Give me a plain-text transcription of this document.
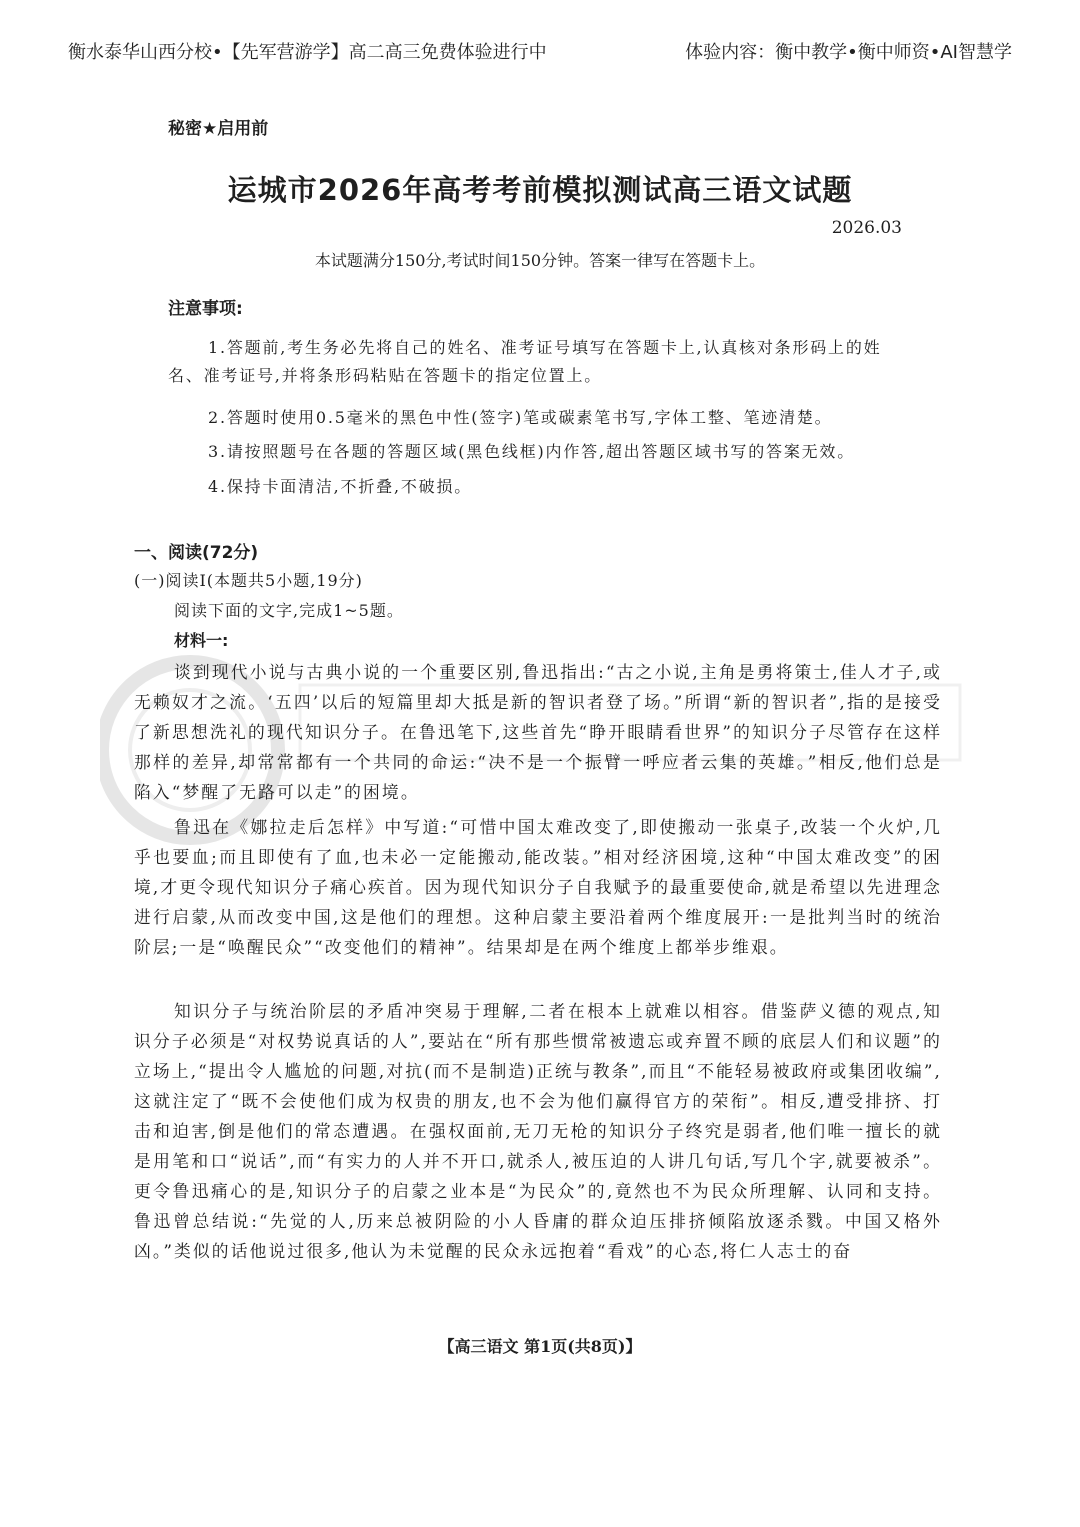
衡水泰华山西分校•【先军营游学】高二高三免费体验进行中	体验内容：衡中教学•衡中师资•AI智慧学
秘密★启用前
运城市2026年高考考前模拟测试高三语文试题
2026.03
本试题满分150分,考试时间150分钟。答案一律写在答题卡上。
注意事项:
1.答题前,考生务必先将自己的姓名、准考证号填写在答题卡上,认真核对条形码上的姓名、准考证号,并将条形码粘贴在答题卡的指定位置上。
2.答题时使用0.5毫米的黑色中性(签字)笔或碳素笔书写,字体工整、笔迹清楚。
3.请按照题号在各题的答题区域(黑色线框)内作答,超出答题区域书写的答案无效。
4.保持卡面清洁,不折叠,不破损。
一、阅读(72分)
(一)阅读I(本题共5小题,19分)
阅读下面的文字,完成1~5题。
材料一:
谈到现代小说与古典小说的一个重要区别,鲁迅指出:“古之小说,主角是勇将策士,佳人才子,或无赖奴才之流。‘五四’以后的短篇里却大抵是新的智识者登了场。”所谓“新的智识者”,指的是接受了新思想洗礼的现代知识分子。在鲁迅笔下,这些首先“睁开眼睛看世界”的知识分子尽管存在这样那样的差异,却常常都有一个共同的命运:“决不是一个振臂一呼应者云集的英雄。”相反,他们总是陷入“梦醒了无路可以走”的困境。
鲁迅在《娜拉走后怎样》中写道:“可惜中国太难改变了,即使搬动一张桌子,改装一个火炉,几乎也要血;而且即使有了血,也未必一定能搬动,能改装。”相对经济困境,这种“中国太难改变”的困境,才更令现代知识分子痛心疾首。因为现代知识分子自我赋予的最重要使命,就是希望以先进理念进行启蒙,从而改变中国,这是他们的理想。这种启蒙主要沿着两个维度展开:一是批判当时的统治阶层;一是“唤醒民众”“改变他们的精神”。结果却是在两个维度上都举步维艰。
知识分子与统治阶层的矛盾冲突易于理解,二者在根本上就难以相容。借鉴萨义德的观点,知识分子必须是“对权势说真话的人”,要站在“所有那些惯常被遗忘或弃置不顾的底层人们和议题”的立场上,“提出令人尴尬的问题,对抗(而不是制造)正统与教条”,而且“不能轻易被政府或集团收编”,这就注定了“既不会使他们成为权贵的朋友,也不会为他们赢得官方的荣衔”。相反,遭受排挤、打击和迫害,倒是他们的常态遭遇。在强权面前,无刀无枪的知识分子终究是弱者,他们唯一擅长的就是用笔和口“说话”,而“有实力的人并不开口,就杀人,被压迫的人讲几句话,写几个字,就要被杀”。更令鲁迅痛心的是,知识分子的启蒙之业本是“为民众”的,竟然也不为民众所理解、认同和支持。鲁迅曾总结说:“先觉的人,历来总被阴险的小人昏庸的群众迫压排挤倾陷放逐杀戮。中国又格外凶。”类似的话他说过很多,他认为未觉醒的民众永远抱着“看戏”的心态,将仁人志士的奋
【高三语文 第1页(共8页)】
